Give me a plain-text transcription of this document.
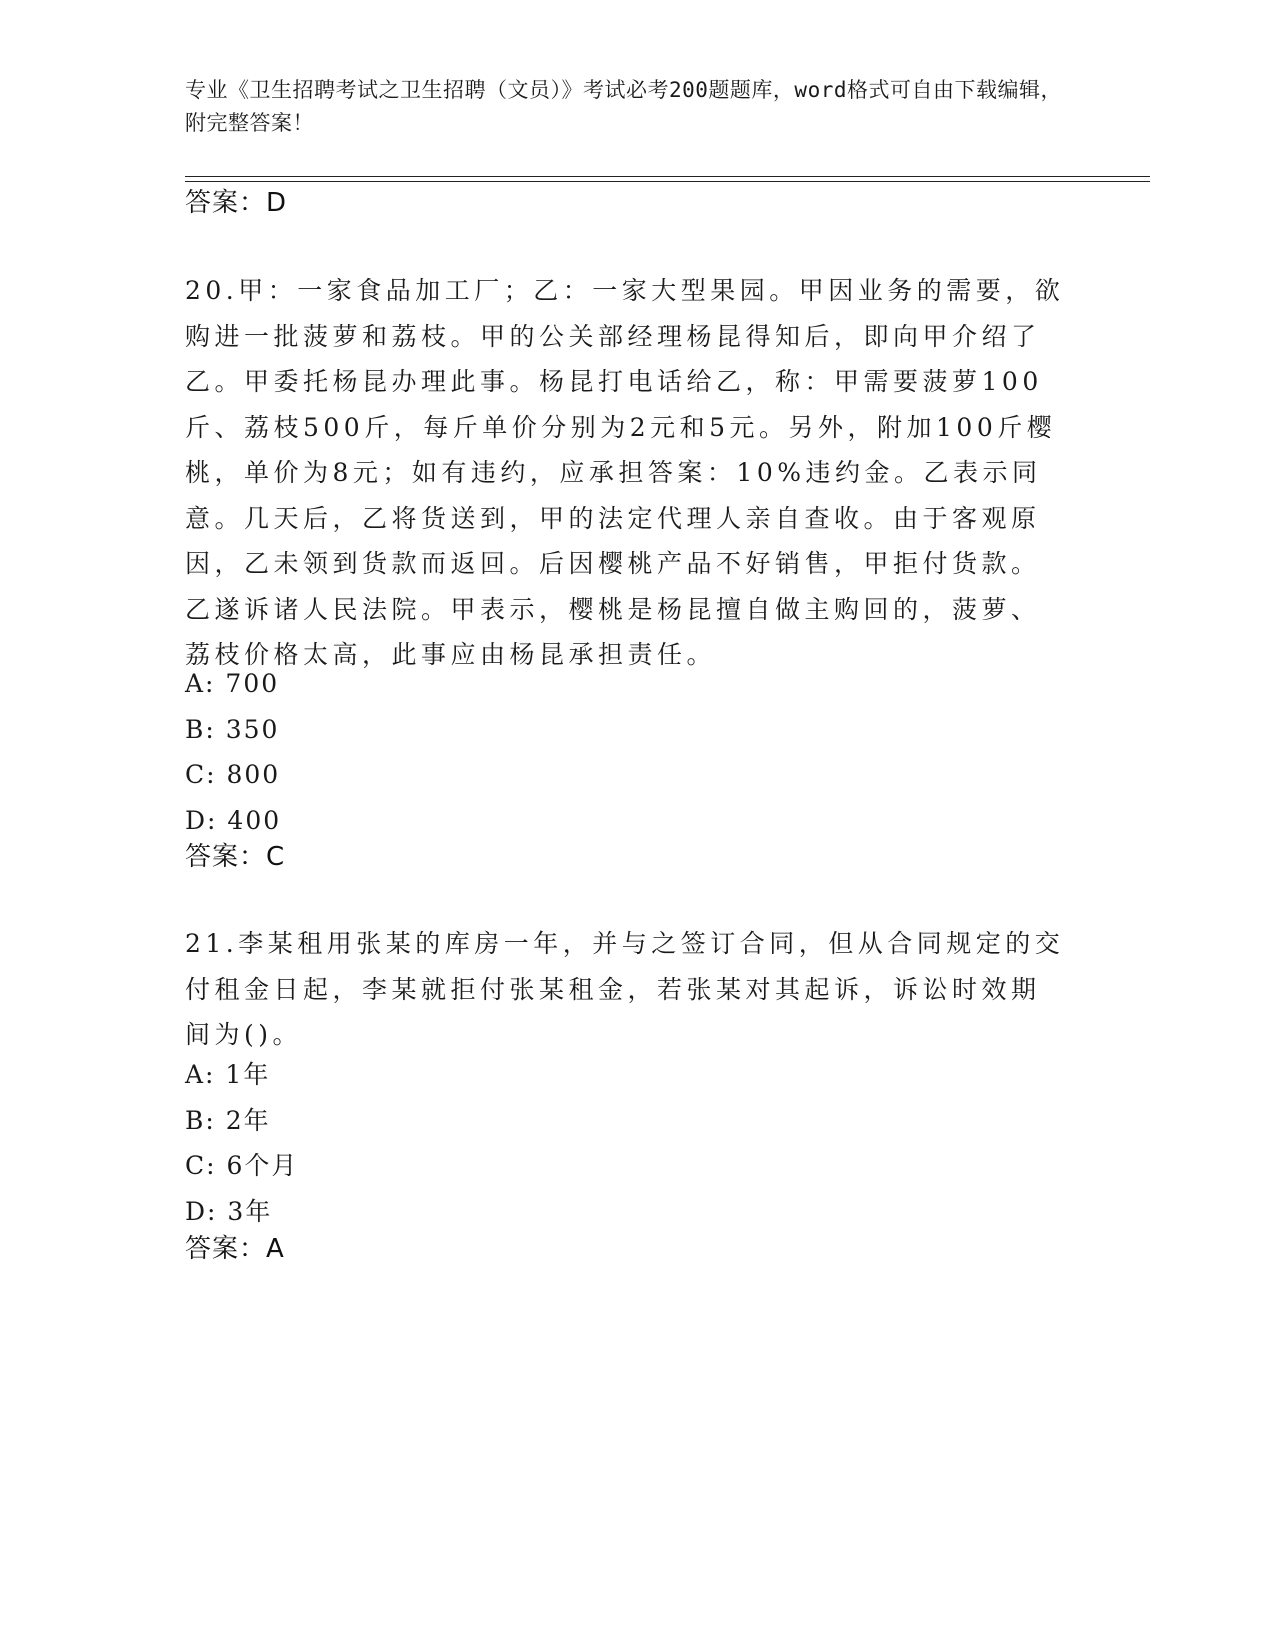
专业《卫生招聘考试之卫生招聘（文员）》考试必考200题题库，word格式可自由下载编辑，附完整答案！
答案：D
20.甲：一家食品加工厂；乙：一家大型果园。甲因业务的需要，欲购进一批菠萝和荔枝。甲的公关部经理杨昆得知后，即向甲介绍了乙。甲委托杨昆办理此事。杨昆打电话给乙，称：甲需要菠萝100斤、荔枝500斤，每斤单价分别为2元和5元。另外，附加100斤樱桃，单价为8元；如有违约，应承担答案：10%违约金。乙表示同意。几天后，乙将货送到，甲的法定代理人亲自查收。由于客观原因，乙未领到货款而返回。后因樱桃产品不好销售，甲拒付货款。乙遂诉诸人民法院。甲表示，樱桃是杨昆擅自做主购回的，菠萝、荔枝价格太高，此事应由杨昆承担责任。
A: 700
B: 350
C: 800
D: 400
答案：C
21.李某租用张某的库房一年，并与之签订合同，但从合同规定的交付租金日起，李某就拒付张某租金，若张某对其起诉，诉讼时效期间为()。
A: 1年
B: 2年
C: 6个月
D: 3年
答案：A
